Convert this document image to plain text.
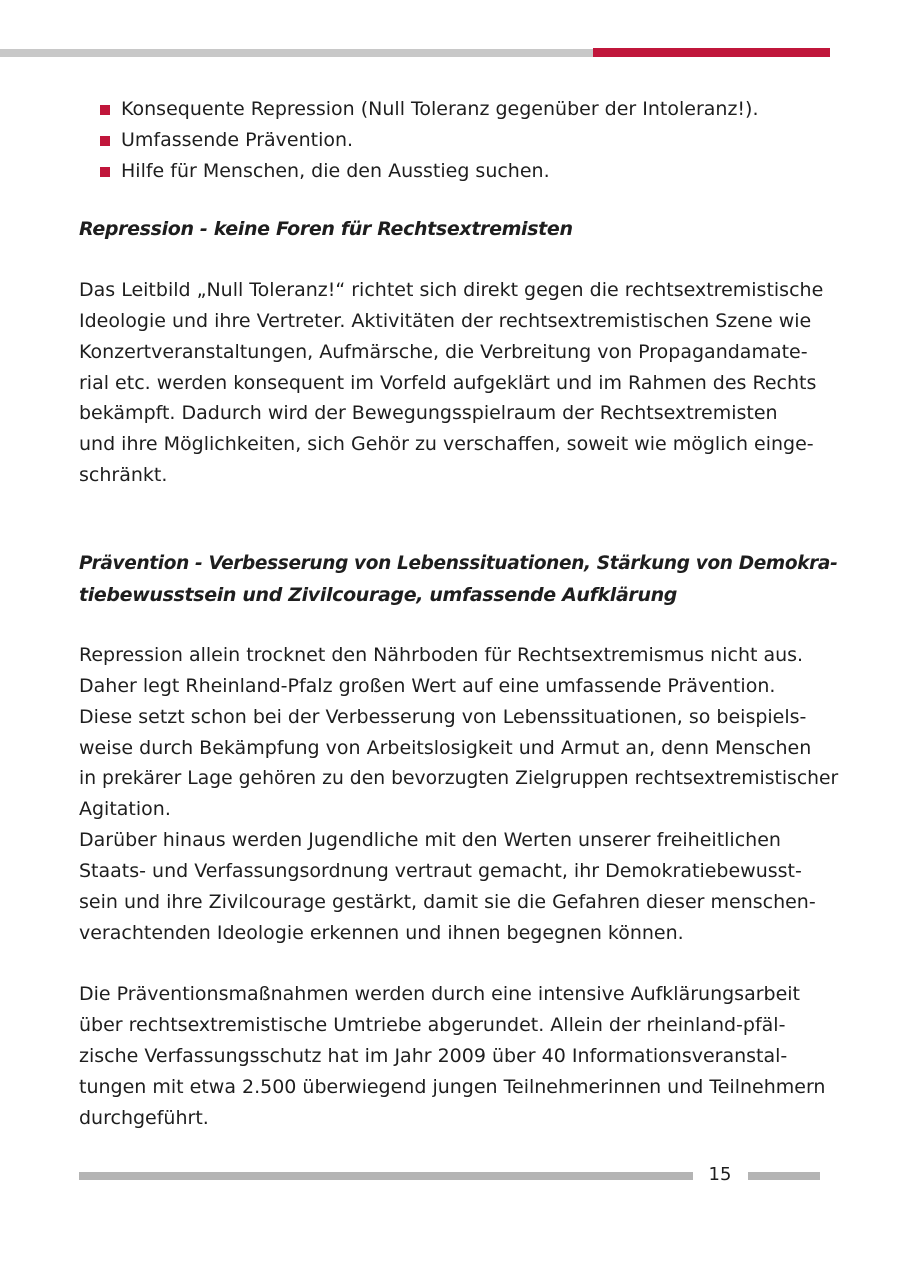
Konsequente Repression (Null Toleranz gegenüber der Intoleranz!).
Umfassende Prävention.
Hilfe für Menschen, die den Ausstieg suchen.

Repression - keine Foren für Rechtsextremisten

Das Leitbild „Null Toleranz!“ richtet sich direkt gegen die rechtsextremistische
Ideologie und ihre Vertreter. Aktivitäten der rechtsextremistischen Szene wie
Konzertveranstaltungen, Aufmärsche, die Verbreitung von Propagandamate-
rial etc. werden konsequent im Vorfeld aufgeklärt und im Rahmen des Rechts
bekämpft. Dadurch wird der Bewegungsspielraum der Rechtsextremisten
und ihre Möglichkeiten, sich Gehör zu verschaffen, soweit wie möglich einge-
schränkt.

Prävention - Verbesserung von Lebenssituationen, Stärkung von Demokra-
tiebewusstsein und Zivilcourage, umfassende Aufklärung

Repression allein trocknet den Nährboden für Rechtsextremismus nicht aus.
Daher legt Rheinland-Pfalz großen Wert auf eine umfassende Prävention.
Diese setzt schon bei der Verbesserung von Lebenssituationen, so beispiels-
weise durch Bekämpfung von Arbeitslosigkeit und Armut an, denn Menschen
in prekärer Lage gehören zu den bevorzugten Zielgruppen rechtsextremistischer
Agitation.
Darüber hinaus werden Jugendliche mit den Werten unserer freiheitlichen
Staats- und Verfassungsordnung vertraut gemacht, ihr Demokratiebewusst-
sein und ihre Zivilcourage gestärkt, damit sie die Gefahren dieser menschen-
verachtenden Ideologie erkennen und ihnen begegnen können.

Die Präventionsmaßnahmen werden durch eine intensive Aufklärungsarbeit
über rechtsextremistische Umtriebe abgerundet. Allein der rheinland-pfäl-
zische Verfassungsschutz hat im Jahr 2009 über 40 Informationsveranstal-
tungen mit etwa 2.500 überwiegend jungen Teilnehmerinnen und Teilnehmern
durchgeführt.

15
